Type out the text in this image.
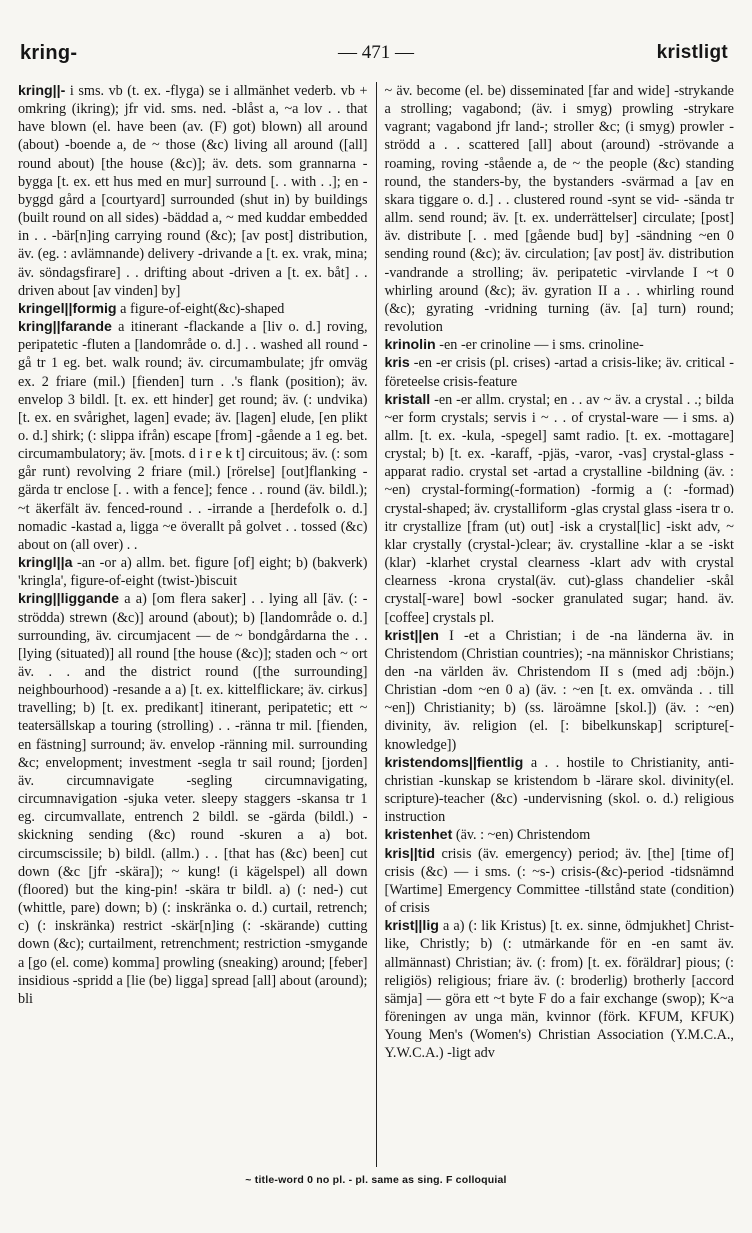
kring-	— 471 —	kristligt

kring||- i sms. vb (t. ex. -flyga) se i allmänhet vederb. vb + omkring (ikring); jfr vid. sms. ned. -blåst a, ~a lov . . that have blown (el. have been (av. (F) got) blown) all around (about) -boende a, de ~ those (&c) living all around ([all] round about) [the house (&c)]; äv. dets. som grannarna -byggа [t. ex. ett hus med en mur] surround [. . with . .]; en -byggd gård a [courtyard] surrounded (shut in) by buildings (built round on all sides) -bäddad a, ~ med kuddar embedded in . . -bär[n]ing carrying round (&c); [av post] distribution, äv. (eg. : avlämnande) delivery -drivande a [t. ex. vrak, mina; äv. söndagsfirare] . . drifting about -drivеn a [t. ex. båt] . . driven about [av vinden] by]

kringel||formig a figure-of-eight(&c)-shaped

kring||farande a itinerant -flackande a [liv o. d.] roving, peripatetic -fluten a [landområde o. d.] . . washed all round -gå tr 1 eg. bet. walk round; äv. circumambulate; jfr omväg ex. 2 friare (mil.) [fienden] turn . .'s flank (position); äv. envelop 3 bildl. [t. ex. ett hinder] get round; äv. (: undvika) [t. ex. en svårighet, lagen] evade; äv. [lagen] elude, [en plikt o. d.] shirk; (: slippa ifrån) escape [from] -gående a 1 eg. bet. circumambulatory; äv. [mots. d i r e k t] circuitous; äv. (: som går runt) revolving 2 friare (mil.) [rörelse] [out]flanking -gärda tr enclose [. . with a fence]; fence . . round (äv. bildl.); ~t äkerfält äv. fenced-round . . -irrande a [herdefolk o. d.] nomadic -kastad a, ligga ~e överallt på golvet . . tossed (&c) about on (all over) . .

kringl||a -an -or a) allm. bet. figure [of] eight; b) (bakverk) 'kringla', figure-of-eight (twist-)biscuit

kring||liggande a a) [om flera saker] . . lying all [äv. (: -strödda) strewn (&c)] around (about); b) [landområde o. d.] surrounding, äv. circumjacent — de ~ bondgårdarna the . . [lying (situated)] all round [the house (&c)]; staden och ~ ort äv. . . and the district round ([the surrounding] neighbourhood) -resande a a) [t. ex. kittelflickare; äv. cirkus] travelling; b) [t. ex. predikant] itinerant, peripatetic; ett ~ teatersällskap a touring (strolling) . . -ränna tr mil. [fienden, en fästning] surround; äv. envelop -ränning mil. surrounding &c; envelopment; investment -segla tr sail round; [jorden] äv. circumnavigate -segling circumnavigating, circumnavigation -sjuka veter. sleepy staggers -skansa tr 1 eg. circumvallate, entrench 2 bildl. se -gärda (bildl.) -skickning sending (&c) round -skuren a a) bot. circumscissile; b) bildl. (allm.) . . [that has (&c) been] cut down (&c [jfr -skära]); ~ kung! (i kägelspel) all down (floored) but the king-pin! -skära tr bildl. a) (: ned-) cut (whittle, pare) down; b) (: inskränka o. d.) curtail, retrench; c) (: inskränka) restrict -skär[n]ing (: -skärande) cutting down (&c); curtailment, retrenchment; restriction -smygande a [go (el. come) komma] prowling (sneaking) around; [feber] insidious -spridd a [lie (be) ligga] spread [all] about (around); bli

~ äv. become (el. be) disseminated [far and wide] -strykande a strolling; vagabond; (äv. i smyg) prowling -strykare vagrant; vagabond jfr land-; stroller &c; (i smyg) prowler -strödd a . . scattered [all] about (around) -strövande a roaming, roving -stående a, de ~ the people (&c) standing round, the standers-by, the bystanders -svärmad a [av en skara tiggare o. d.] . . clustered round -synt se vid- -sända tr allm. send round; äv. [t. ex. underrättelser] circulate; [post] äv. distribute [. . med [gående bud] by] -sändning ~en 0 sending round (&c); äv. circulation; [av post] äv. distribution -vandrande a strolling; äv. peripatetic -virvlande I ~t 0 whirling around (&c); äv. gyration II a . . whirling round (&c); gyrating -vridning turning (äv. [a] turn) round; revolution

krinolin -en -er crinoline — i sms. crinoline-

kris -en -er crisis (pl. crises) -artad a crisis-like; äv. critical -företeelse crisis-feature

kristall -en -er allm. crystal; en . . av ~ äv. a crystal . .; bilda ~er form crystals; servis i ~ . . of crystal-ware — i sms. a) allm. [t. ex. -kula, -spegel] samt radio. [t. ex. -mottagare] crystal; b) [t. ex. -karaff, -pjäs, -varor, -vas] crystal-glass -apparat radio. crystal set -artad a crystalline -bildning (äv. : ~en) crystal-forming(-formation) -formig a (: -formad) crystal-shaped; äv. crystalliform -glas crystal glass -isera tr o. itr crystallize [fram (ut) out] -isk a crystal[lic] -iskt adv, ~ klar crystally (crystal-)clear; äv. crystalline -klar a se -iskt (klar) -klarhet crystal clearness -klart adv with crystal clearness -krona crystal(äv. cut)-glass chandelier -skål crystal[-ware] bowl -socker granulated sugar; hand. äv. [coffee] crystals pl.

krist||en I -et a Christian; i de -na länderna äv. in Christendom (Christian countries); -na människor Christians; den -na världen äv. Christendom II s (med adj :böjn.) Christian -dom ~en 0 a) (äv. : ~en [t. ex. omvända . . till ~en]) Christianity; b) (ss. läroämne [skol.]) (äv. : ~en) divinity, äv. religion (el. [: bibelkunskap] scripture[-knowledge])

kristendoms||fientlig a . . hostile to Christianity, anti-christian -kunskap se kristendom b -lärare skol. divinity(el. scripture)-teacher (&c) -undervisning (skol. o. d.) religious instruction

kristenhet (äv. : ~en) Christendom

kris||tid crisis (äv. emergency) period; äv. [the] [time of] crisis (&c) — i sms. (: ~s-) crisis-(&c)-period -tidsnämnd [Wartime] Emergency Committee -tillstånd state (condition) of crisis

krist||lig a a) (: lik Kristus) [t. ex. sinne, ödmjukhet] Christ-like, Christly; b) (: utmärkande för en -en samt äv. allmännast) Christian; äv. (: from) [t. ex. föräldrar] pious; (: religiös) religious; friare äv. (: broderlig) brotherly [accord sämja] — göra ett ~t byte F do a fair exchange (swop); K~a föreningen av unga män, kvinnor (förk. KFUM, KFUK) Young Men's (Women's) Christian Association (Y.M.C.A., Y.W.C.A.) -ligt adv

~ title-word 0 no pl. - pl. same as sing. F colloquial
